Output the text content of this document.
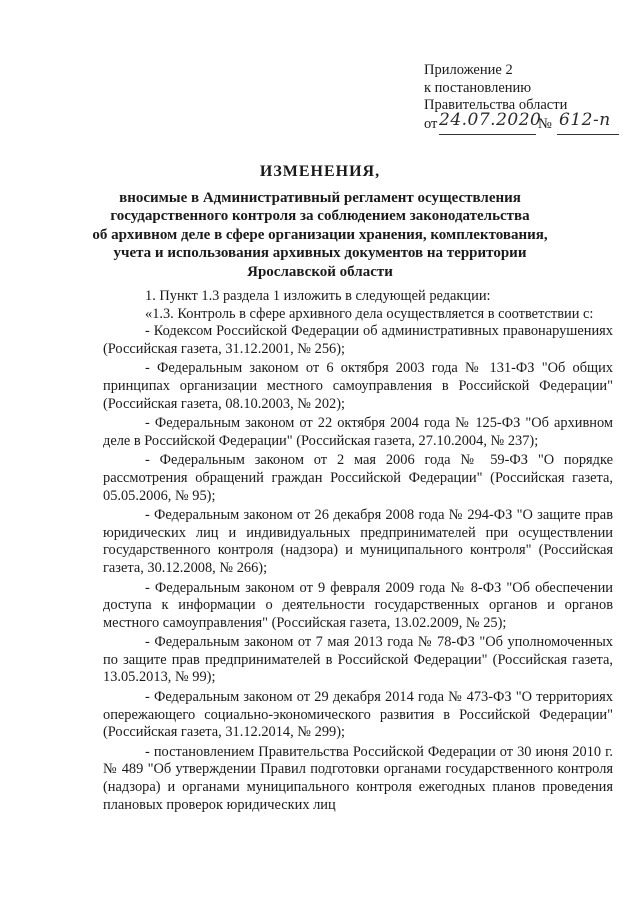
Приложение 2
к постановлению
Правительства области
от 24.07.2020
№ 612-п
ИЗМЕНЕНИЯ,
вносимые в Административный регламент осуществления
государственного контроля за соблюдением законодательства
об архивном деле в сфере организации хранения, комплектования,
учета и использования архивных документов на территории
Ярославской области

1. Пункт 1.3 раздела 1 изложить в следующей редакции:

«1.3. Контроль в сфере архивного дела осуществляется в соответствии с:

- Кодексом Российской Федерации об административных правонарушениях (Российская газета, 31.12.2001, № 256);

- Федеральным законом от 6 октября 2003 года № 131-ФЗ "Об общих принципах организации местного самоуправления в Российской Федерации" (Российская газета, 08.10.2003, № 202);

- Федеральным законом от 22 октября 2004 года № 125-ФЗ "Об архивном деле в Российской Федерации" (Российская газета, 27.10.2004, № 237);

- Федеральным законом от 2 мая 2006 года № 59-ФЗ "О порядке рассмотрения обращений граждан Российской Федерации" (Российская газета, 05.05.2006, № 95);

- Федеральным законом от 26 декабря 2008 года № 294-ФЗ "О защите прав юридических лиц и индивидуальных предпринимателей при осуществлении государственного контроля (надзора) и муниципального контроля" (Российская газета, 30.12.2008, № 266);

- Федеральным законом от 9 февраля 2009 года № 8-ФЗ "Об обеспечении доступа к информации о деятельности государственных органов и органов местного самоуправления" (Российская газета, 13.02.2009, № 25);

- Федеральным законом от 7 мая 2013 года № 78-ФЗ "Об уполномоченных по защите прав предпринимателей в Российской Федерации" (Российская газета, 13.05.2013, № 99);

- Федеральным законом от 29 декабря 2014 года № 473-ФЗ "О территориях опережающего социально-экономического развития в Российской Федерации" (Российская газета, 31.12.2014, № 299);

- постановлением Правительства Российской Федерации от 30 июня 2010 г. № 489 "Об утверждении Правил подготовки органами государственного контроля (надзора) и органами муниципального контроля ежегодных планов проведения плановых проверок юридических лиц
